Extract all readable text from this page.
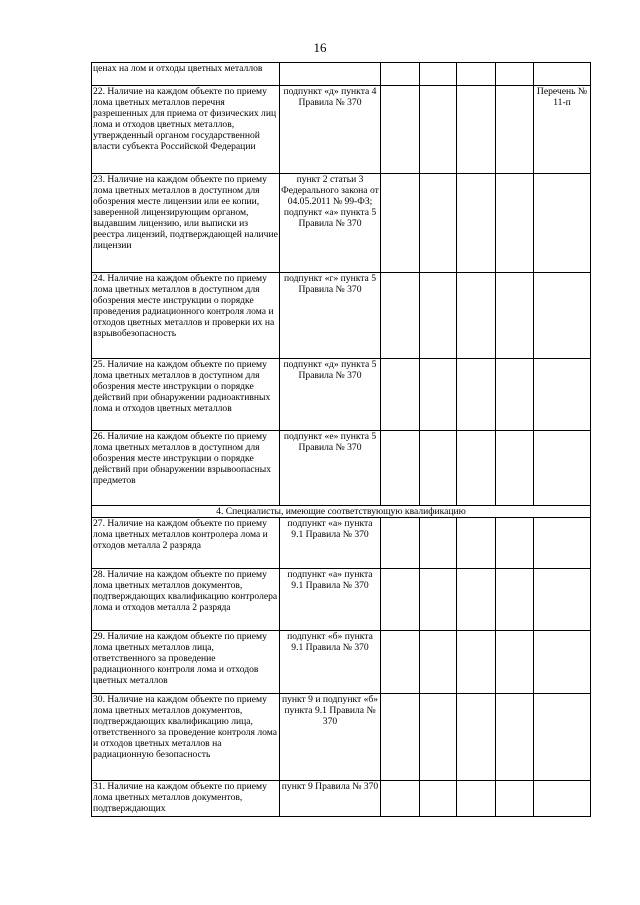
16
ценах на лом и отходы цветных металлов						
22. Наличие на каждом объекте по приему лома цветных металлов перечня разрешенных для приема от физических лиц лома и отходов цветных металлов, утвержденный органом государственной власти субъекта Российской Федерации	подпункт «д» пункта 4 Правила № 370					Перечень № 11-п
23. Наличие на каждом объекте по приему лома цветных металлов в доступном для обозрения месте лицензии или ее копии, заверенной лицензирующим органом, выдавшим лицензию, или выписки из реестра лицензий, подтверждающей наличие лицензии	пункт 2 статьи 3 Федерального закона от 04.05.2011 № 99-ФЗ; подпункт «а» пункта 5 Правила № 370					
24. Наличие на каждом объекте по приему лома цветных металлов в доступном для обозрения месте инструкции о порядке проведения радиационного контроля лома и отходов цветных металлов и проверки их на взрывобезопасность	подпункт «г» пункта 5 Правила № 370					
25. Наличие на каждом объекте по приему лома цветных металлов в доступном для обозрения месте инструкции о порядке действий при обнаружении радиоактивных лома и отходов цветных металлов	подпункт «д» пункта 5 Правила № 370					
26. Наличие на каждом объекте по приему лома цветных металлов в доступном для обозрения месте инструкции о порядке действий при обнаружении взрывоопасных предметов	подпункт «е» пункта 5 Правила № 370					
4. Специалисты, имеющие соответствующую квалификацию						
27. Наличие на каждом объекте по приему лома цветных металлов контролера лома и отходов металла 2 разряда	подпункт «а» пункта 9.1 Правила № 370					
28. Наличие на каждом объекте по приему лома цветных металлов документов, подтверждающих квалификацию контролера лома и отходов металла 2 разряда	подпункт «а» пункта 9.1 Правила № 370					
29. Наличие на каждом объекте по приему лома цветных металлов лица, ответственного за проведение радиационного контроля лома и отходов цветных металлов	подпункт «б» пункта 9.1 Правила № 370					
30. Наличие на каждом объекте по приему лома цветных металлов документов, подтверждающих квалификацию лица, ответственного за проведение контроля лома и отходов цветных металлов на радиационную безопасность	пункт 9 и подпункт «б» пункта 9.1 Правила № 370					
31. Наличие на каждом объекте по приему лома цветных металлов документов, подтверждающих	пункт 9 Правила № 370					
